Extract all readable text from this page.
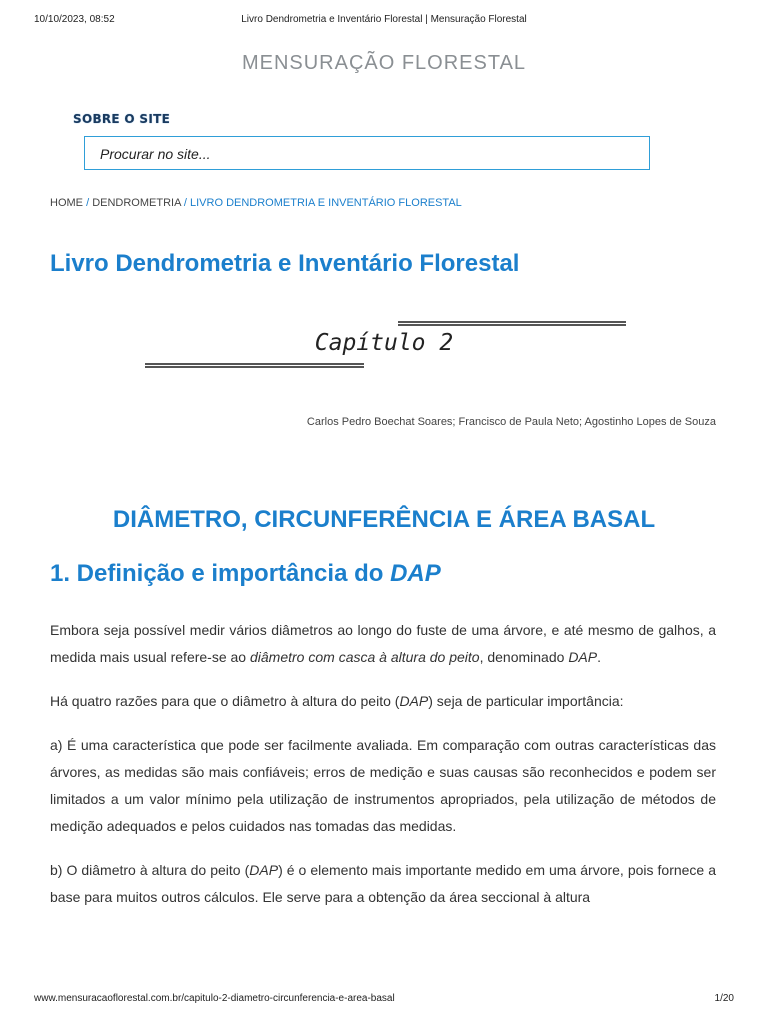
10/10/2023, 08:52	Livro Dendrometria e Inventário Florestal | Mensuração Florestal
MENSURAÇÃO FLORESTAL
SOBRE O SITE
Procurar no site...
HOME / DENDROMETRIA / LIVRO DENDROMETRIA E INVENTÁRIO FLORESTAL
Livro Dendrometria e Inventário Florestal
Capítulo 2
Carlos Pedro Boechat Soares; Francisco de Paula Neto; Agostinho Lopes de Souza
DIÂMETRO, CIRCUNFERÊNCIA E ÁREA BASAL
1. Definição e importância do DAP

Embora seja possível medir vários diâmetros ao longo do fuste de uma árvore, e até mesmo de galhos, a medida mais usual refere-se ao diâmetro com casca à altura do peito, denominado DAP.

Há quatro razões para que o diâmetro à altura do peito (DAP) seja de particular importância:

a) É uma característica que pode ser facilmente avaliada. Em comparação com outras características das árvores, as medidas são mais confiáveis; erros de medição e suas causas são reconhecidos e podem ser limitados a um valor mínimo pela utilização de instrumentos apropriados, pela utilização de métodos de medição adequados e pelos cuidados nas tomadas das medidas.

b) O diâmetro à altura do peito (DAP) é o elemento mais importante medido em uma árvore, pois fornece a base para muitos outros cálculos. Ele serve para a obtenção da área seccional à altura

www.mensuracaoflorestal.com.br/capitulo-2-diametro-circunferencia-e-area-basal	1/20
